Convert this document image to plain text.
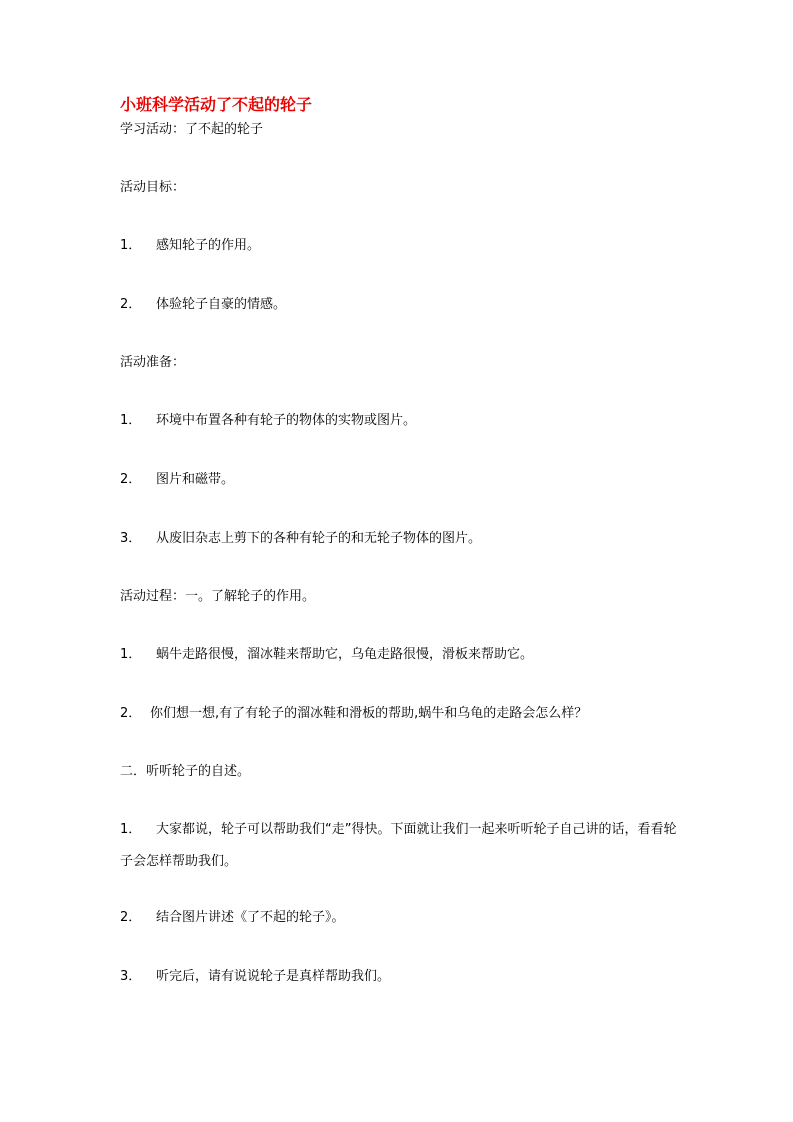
小班科学活动了不起的轮子
学习活动：了不起的轮子
活动目标：
1． 感知轮子的作用。
2． 体验轮子自豪的情感。
活动准备：
1． 环境中布置各种有轮子的物体的实物或图片。
2． 图片和磁带。
3． 从废旧杂志上剪下的各种有轮子的和无轮子物体的图片。
活动过程：一。了解轮子的作用。
1． 蜗牛走路很慢，溜冰鞋来帮助它，乌龟走路很慢，滑板来帮助它。
2． 你们想一想,有了有轮子的溜冰鞋和滑板的帮助,蜗牛和乌龟的走路会怎么样？
二．听听轮子的自述。
1． 大家都说，轮子可以帮助我们“走”得快。下面就让我们一起来听听轮子自己讲的话，看看轮子会怎样帮助我们。
2． 结合图片讲述《了不起的轮子》。
3． 听完后，请有说说轮子是真样帮助我们。
